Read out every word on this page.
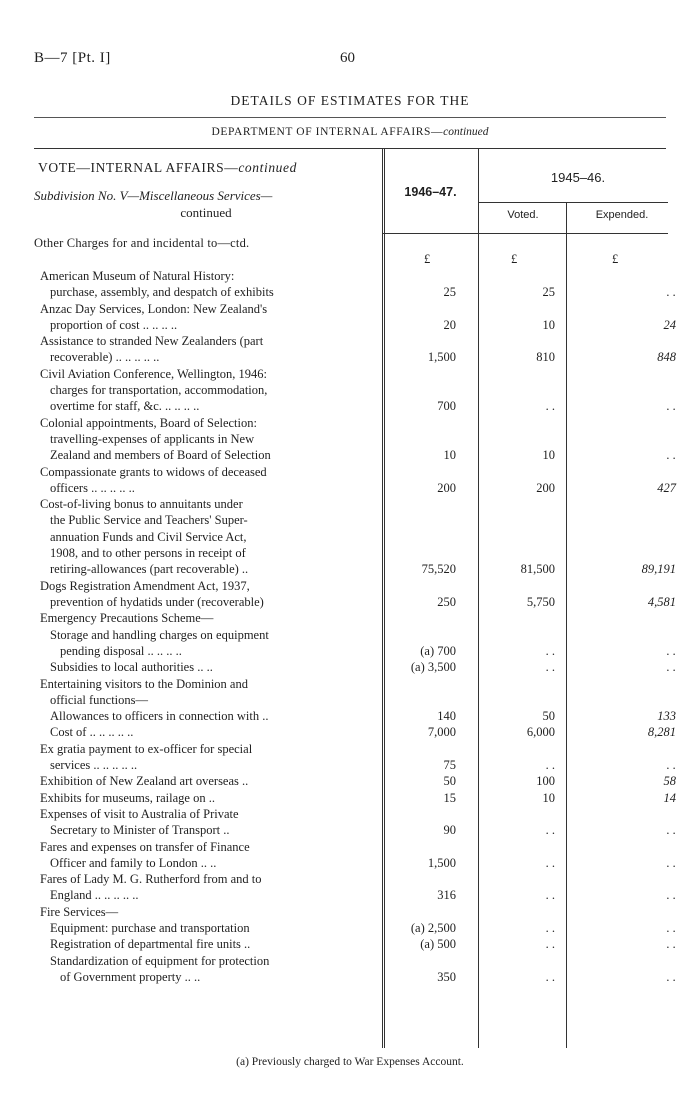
B—7 [Pt. I]	60
DETAILS OF ESTIMATES FOR THE
DEPARTMENT OF INTERNAL AFFAIRS—continued
VOTE—INTERNAL AFFAIRS—continued
Subdivision No. V—Miscellaneous Services—
continued
1946–47.
1945–46.
Voted.	Expended.
Other Charges for and incidental to—ctd.
£	£	£
American Museum of Natural History:
purchase, assembly, and despatch of exhibits	25	25	. .
Anzac Day Services, London: New Zealand's
proportion of cost .. .. .. ..	20	10	24
Assistance to stranded New Zealanders (part
recoverable) .. .. .. .. ..	1,500	810	848
Civil Aviation Conference, Wellington, 1946:
charges for transportation, accommodation,
overtime for staff, &c. .. .. .. ..	700	. .	. .
Colonial appointments, Board of Selection:
travelling-expenses of applicants in New
Zealand and members of Board of Selection	10	10	. .
Compassionate grants to widows of deceased
officers .. .. .. .. ..	200	200	427
Cost-of-living bonus to annuitants under
the Public Service and Teachers' Super-
annuation Funds and Civil Service Act,
1908, and to other persons in receipt of
retiring-allowances (part recoverable) ..	75,520	81,500	89,191
Dogs Registration Amendment Act, 1937,
prevention of hydatids under (recoverable)	250	5,750	4,581
Emergency Precautions Scheme—
Storage and handling charges on equipment
pending disposal .. .. .. ..	(a) 700	. .	. .
Subsidies to local authorities .. ..	(a) 3,500	. .	. .
Entertaining visitors to the Dominion and
official functions—
Allowances to officers in connection with ..	140	50	133
Cost of .. .. .. .. ..	7,000	6,000	8,281
Ex gratia payment to ex-officer for special
services .. .. .. .. ..	75	. .	. .
Exhibition of New Zealand art overseas ..	50	100	58
Exhibits for museums, railage on ..	15	10	14
Expenses of visit to Australia of Private
Secretary to Minister of Transport ..	90	. .	. .
Fares and expenses on transfer of Finance
Officer and family to London .. ..	1,500	. .	. .
Fares of Lady M. G. Rutherford from and to
England .. .. .. .. ..	316	. .	. .
Fire Services—
Equipment: purchase and transportation	(a) 2,500	. .	. .
Registration of departmental fire units ..	(a) 500	. .	. .
Standardization of equipment for protection
of Government property .. ..	350	. .	. .
(a) Previously charged to War Expenses Account.
